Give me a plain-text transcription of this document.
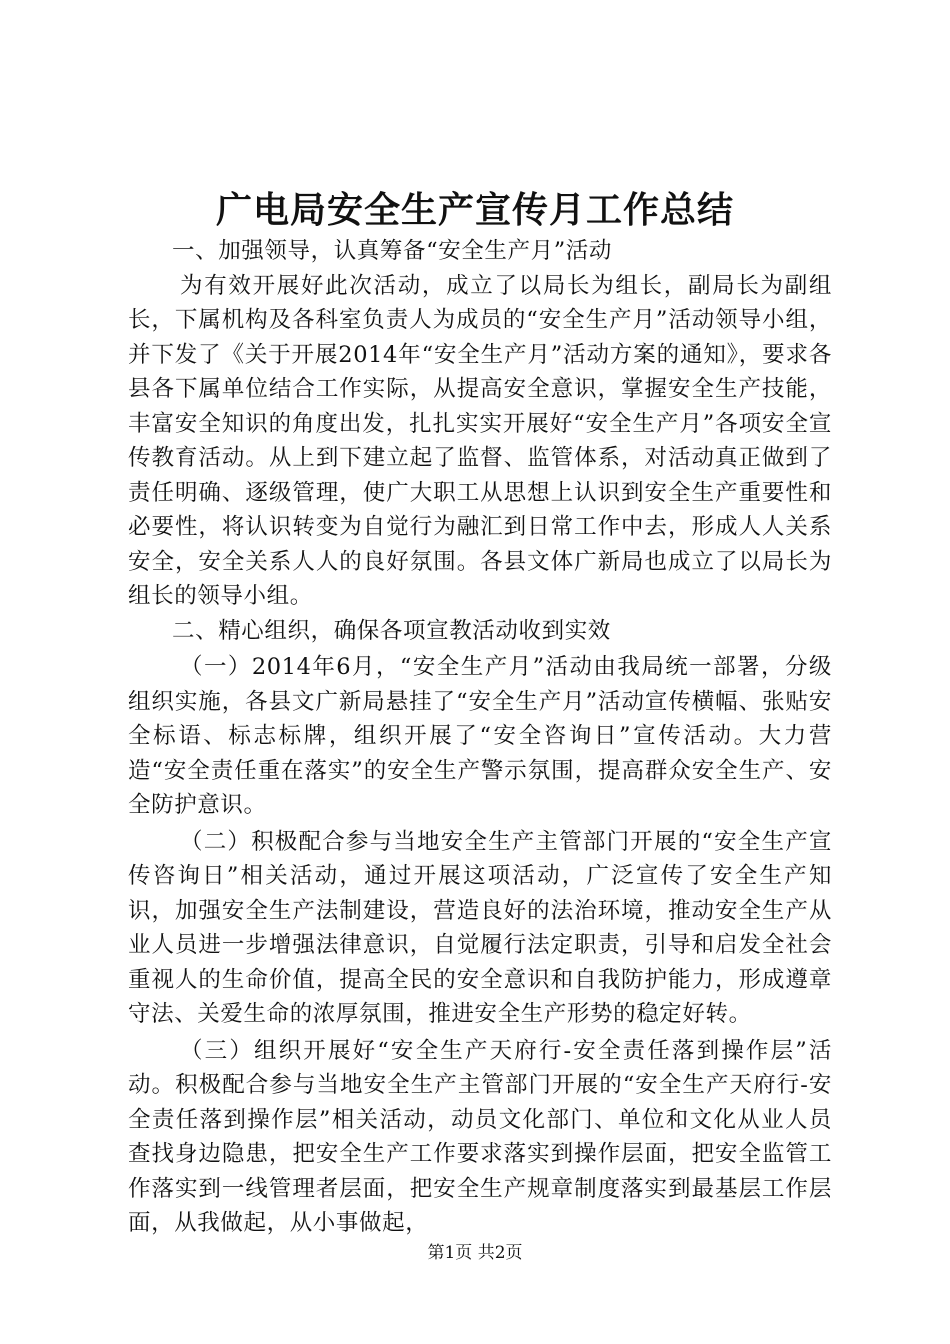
广电局安全生产宣传月工作总结

一、加强领导，认真筹备“安全生产月”活动

为有效开展好此次活动，成立了以局长为组长，副局长为副组长，下属机构及各科室负责人为成员的“安全生产月”活动领导小组，并下发了《关于开展2014年“安全生产月”活动方案的通知》，要求各县各下属单位结合工作实际，从提高安全意识，掌握安全生产技能，丰富安全知识的角度出发，扎扎实实开展好“安全生产月”各项安全宣传教育活动。从上到下建立起了监督、监管体系，对活动真正做到了责任明确、逐级管理，使广大职工从思想上认识到安全生产重要性和必要性，将认识转变为自觉行为融汇到日常工作中去，形成人人关系安全，安全关系人人的良好氛围。各县文体广新局也成立了以局长为组长的领导小组。

二、精心组织，确保各项宣教活动收到实效

（一）2014年6月，“安全生产月”活动由我局统一部署，分级组织实施，各县文广新局悬挂了“安全生产月”活动宣传横幅、张贴安全标语、标志标牌，组织开展了“安全咨询日”宣传活动。大力营造“安全责任重在落实”的安全生产警示氛围，提高群众安全生产、安全防护意识。

（二）积极配合参与当地安全生产主管部门开展的“安全生产宣传咨询日”相关活动，通过开展这项活动，广泛宣传了安全生产知识，加强安全生产法制建设，营造良好的法治环境，推动安全生产从业人员进一步增强法律意识，自觉履行法定职责，引导和启发全社会重视人的生命价值，提高全民的安全意识和自我防护能力，形成遵章守法、关爱生命的浓厚氛围，推进安全生产形势的稳定好转。

（三）组织开展好“安全生产天府行-安全责任落到操作层”活动。积极配合参与当地安全生产主管部门开展的“安全生产天府行-安全责任落到操作层”相关活动，动员文化部门、单位和文化从业人员查找身边隐患，把安全生产工作要求落实到操作层面，把安全监管工作落实到一线管理者层面，把安全生产规章制度落实到最基层工作层面，从我做起，从小事做起，

第1页 共2页
